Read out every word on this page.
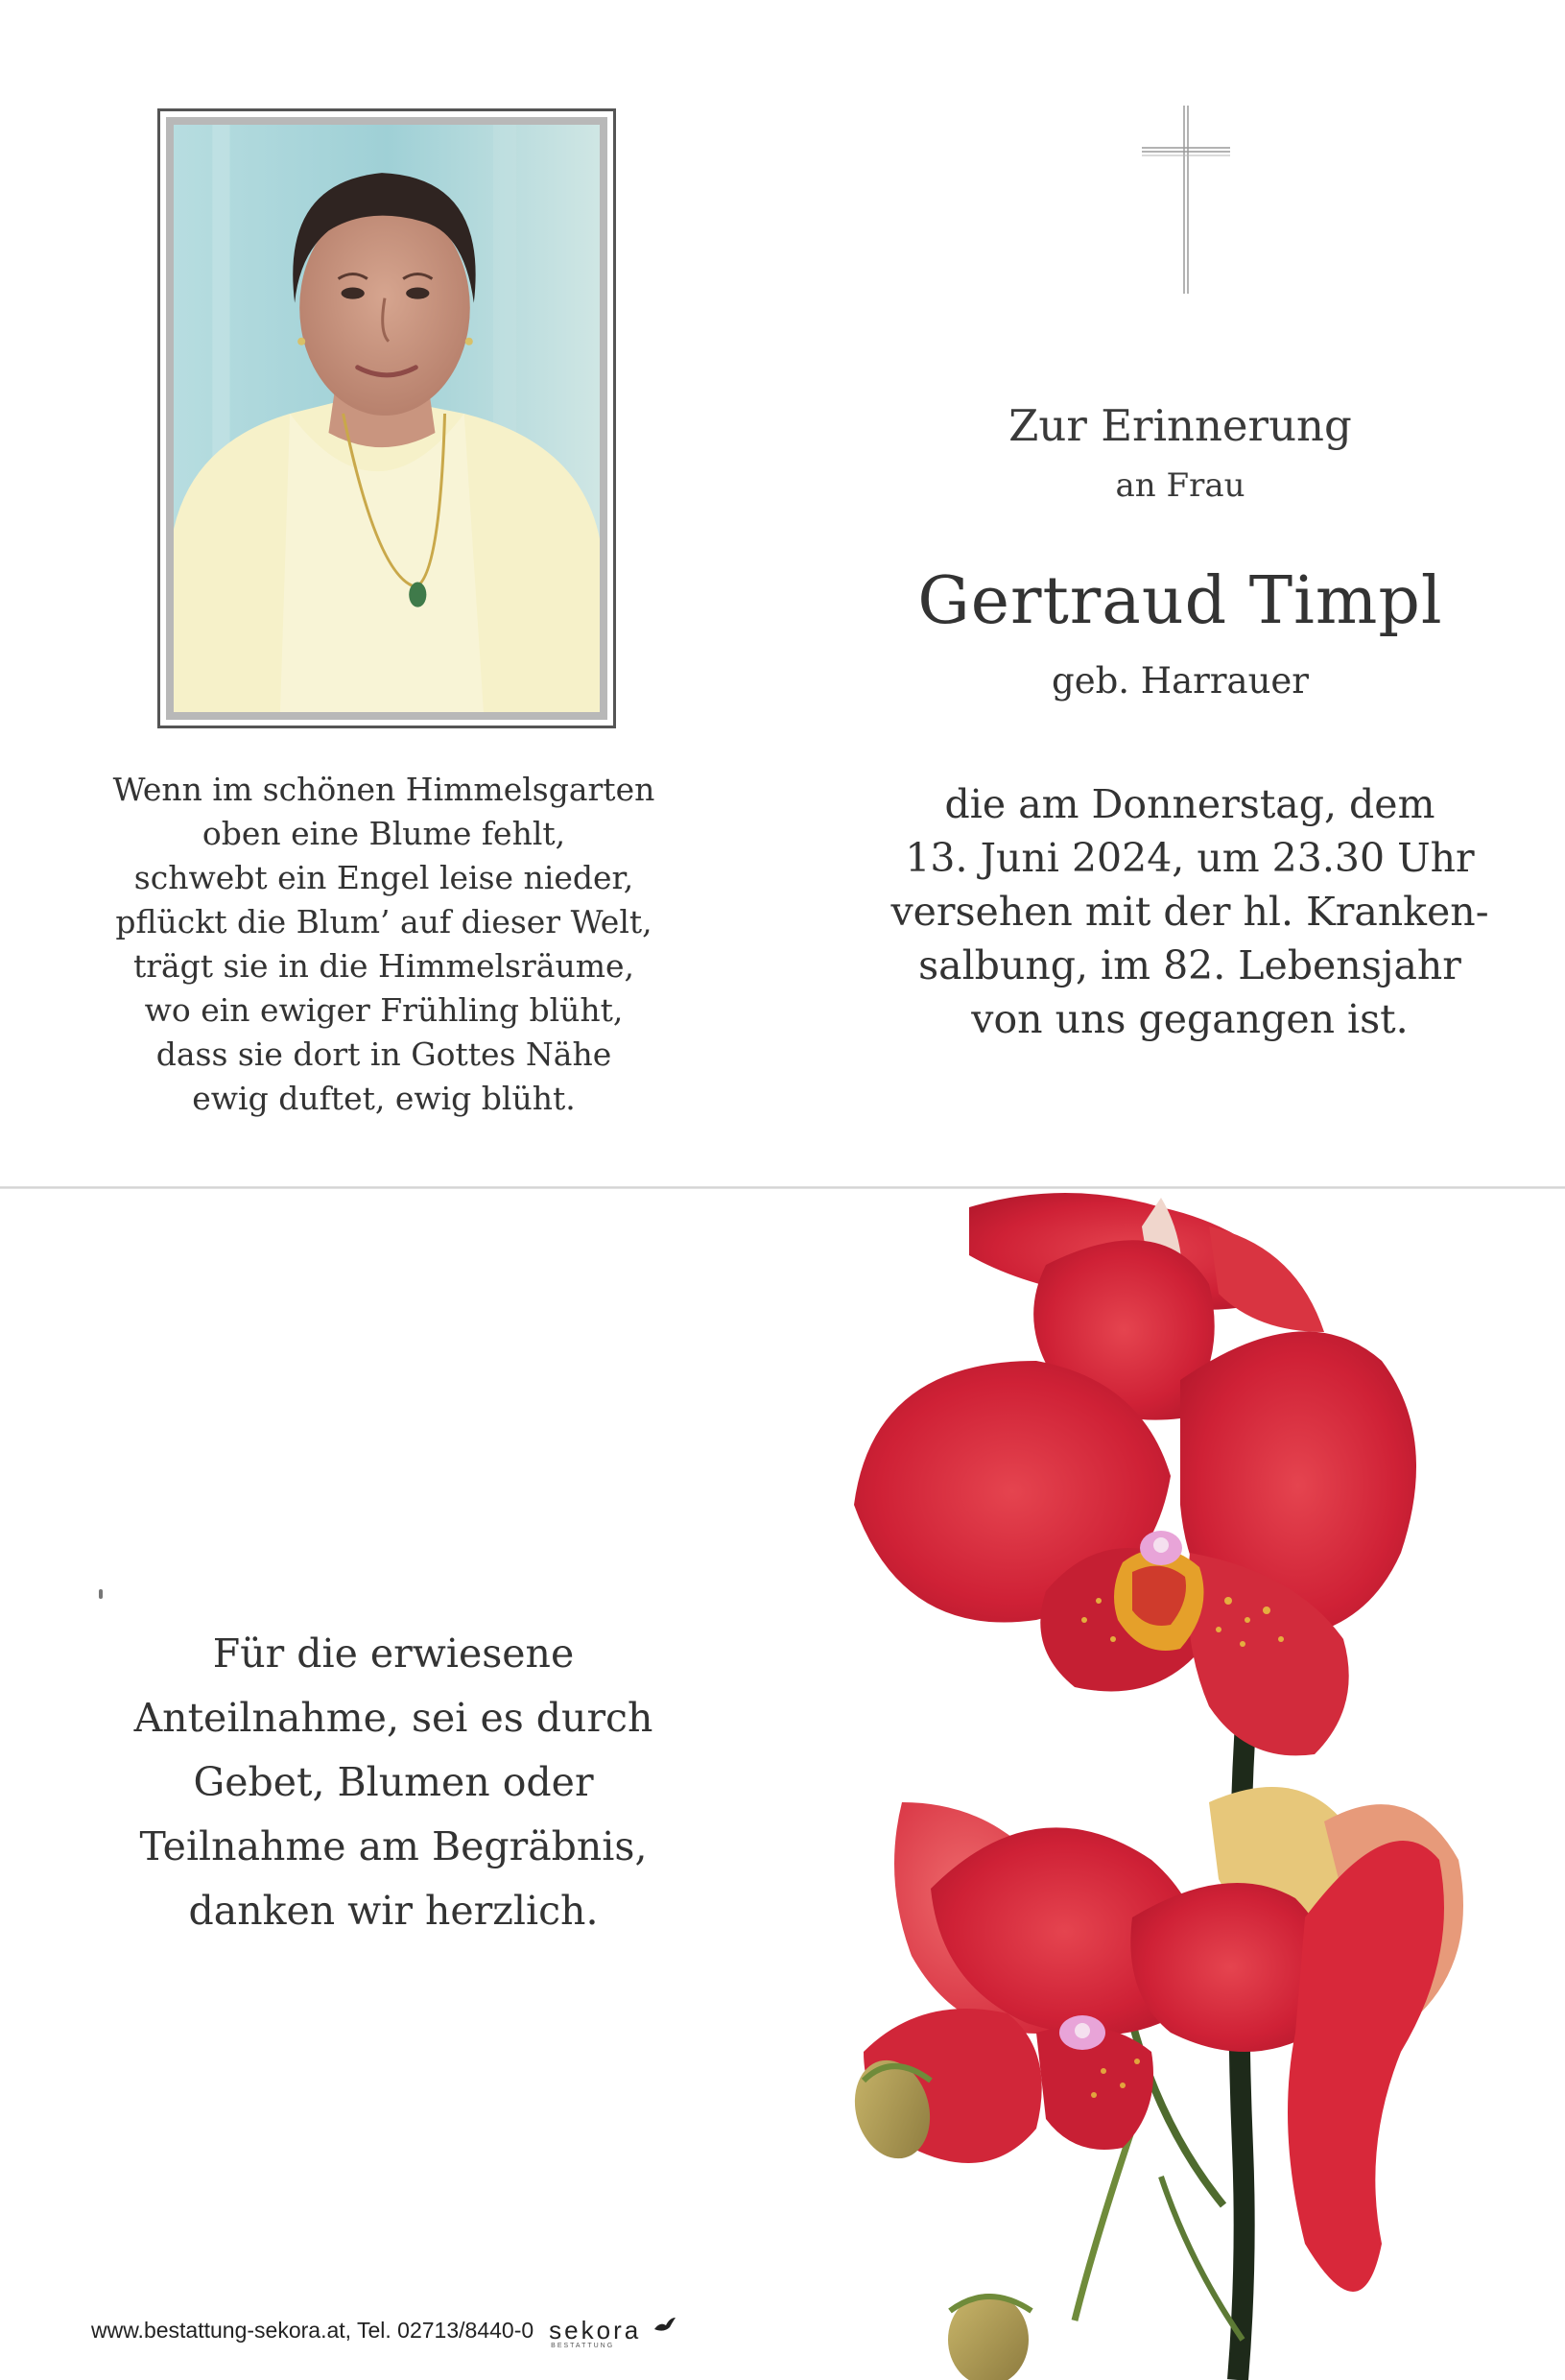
Wenn im schönen Himmelsgarten
oben eine Blume fehlt,
schwebt ein Engel leise nieder,
pflückt die Blum’ auf dieser Welt,
trägt sie in die Himmelsräume,
wo ein ewiger Frühling blüht,
dass sie dort in Gottes Nähe
ewig duftet, ewig blüht.
Zur Erinnerung
an Frau
Gertraud Timpl
geb. Harrauer
die am Donnerstag, dem
13. Juni 2024, um 23.30 Uhr
versehen mit der hl. Kranken-
salbung, im 82. Lebensjahr
von uns gegangen ist.
Für die erwiesene
Anteilnahme, sei es durch
Gebet, Blumen oder
Teilnahme am Begräbnis,
danken wir herzlich.
www.bestattung-sekora.at, Tel. 02713/8440-0 sekora
BESTATTUNG
